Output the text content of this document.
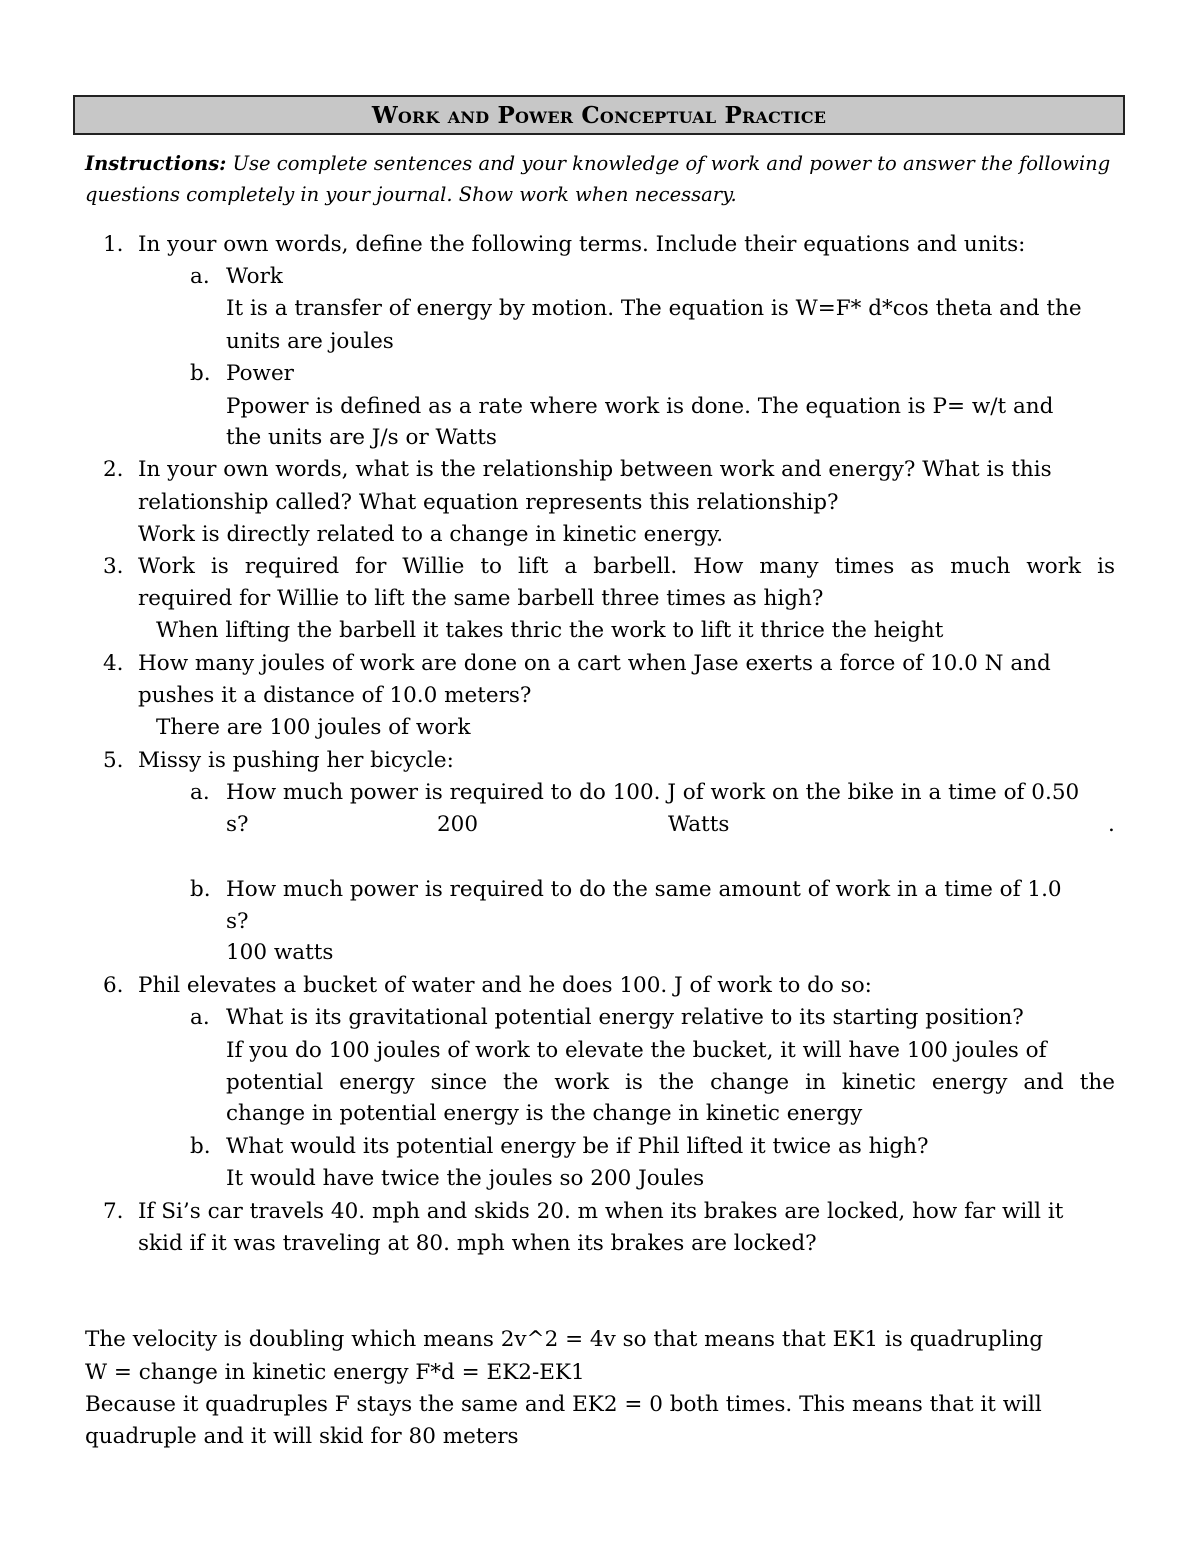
Work and Power Conceptual Practice
Instructions: Use complete sentences and your knowledge of work and power to answer the following questions completely in your journal. Show work when necessary.
1. In your own words, define the following terms. Include their equations and units:
a. Work
It is a transfer of energy by motion. The equation is W=F* d*cos theta and the
units are joules
b. Power
Ppower is defined as a rate where work is done. The equation is P= w/t and
the units are J/s or Watts
2. In your own words, what is the relationship between work and energy? What is this
relationship called? What equation represents this relationship?
Work is directly related to a change in kinetic energy.
3. Work is required for Willie to lift a barbell. How many times as much work is
required for Willie to lift the same barbell three times as high?
When lifting the barbell it takes thric the work to lift it thrice the height
4. How many joules of work are done on a cart when Jase exerts a force of 10.0 N and
pushes it a distance of 10.0 meters?
There are 100 joules of work
5. Missy is pushing her bicycle:
a. How much power is required to do 100. J of work on the bike in a time of 0.50
s?	200	Watts	.
b. How much power is required to do the same amount of work in a time of 1.0
s?
100 watts
6. Phil elevates a bucket of water and he does 100. J of work to do so:
a. What is its gravitational potential energy relative to its starting position?
If you do 100 joules of work to elevate the bucket, it will have 100 joules of
potential energy since the work is the change in kinetic energy and the
change in potential energy is the change in kinetic energy
b. What would its potential energy be if Phil lifted it twice as high?
It would have twice the joules so 200 Joules
7. If Si’s car travels 40. mph and skids 20. m when its brakes are locked, how far will it
skid if it was traveling at 80. mph when its brakes are locked?
The velocity is doubling which means 2v^2 = 4v so that means that EK1 is quadrupling
W = change in kinetic energy F*d = EK2-EK1
Because it quadruples F stays the same and EK2 = 0 both times. This means that it will
quadruple and it will skid for 80 meters
